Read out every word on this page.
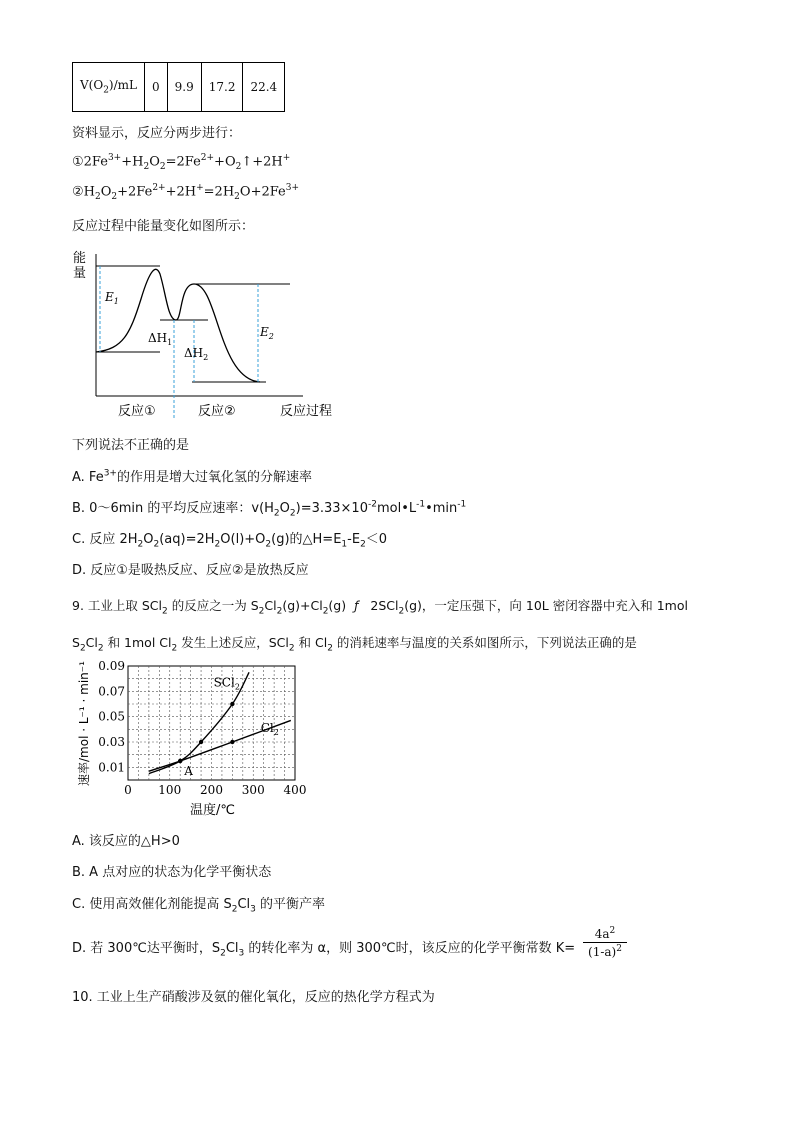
$V(O_2)/mL$	0	9.9	17.2	22.4
资料显示，反应分两步进行：
$①2Fe^{3+}+H_2O_2=2Fe^{2+}+O_2↑+2H^+$
$②H_2O_2+2Fe^{2+}+2H^+=2H_2O+2Fe^{3+}$
反应过程中能量变化如图所示：
能
量
$E_1$
$\Delta H_1$
$\Delta H_2$
$E_2$
反应①	反应②	反应过程
下列说法不正确的是
A. $Fe^{3+}$的作用是增大过氧化氢的分解速率
B. 0～6min 的平均反应速率：$v(H_2O_2)=3.33\times 10^{-2}mol•L^{-1}•\min^{-1}$
C. 反应 $2H_2O_2(aq)=2H_2O(l)+O_2(g)$的$\triangle H=E_1-E_2<0$
D. 反应①是吸热反应、反应②是放热反应
9. 工业上取 SCl$_2$ 的反应之一为 $S_2Cl_2(g)+Cl_2(g)$  ƒ   2SCl$_2$(g)，一定压强下，向 10L 密闭容器中充入和 1mol
$S_2Cl_2$ 和 1mol $Cl_2$ 发生上述反应，SCl$_2$ 和 $Cl_2$ 的消耗速率与温度的关系如图所示，下列说法正确的是
SCl$_2$
$Cl_2$
A
0 100 200 300 400
0.01
0.03
0.05
0.07
0.09
温度/℃
速率/mol · L⁻¹ · min⁻¹
A. 该反应的△H>0
B. A 点对应的状态为化学平衡状态
C. 使用高效催化剂能提高 $S_2Cl_3$ 的平衡产率
D. 若 300℃达平衡时，$S_2Cl_3$ 的转化率为 α，则 300℃时，该反应的化学平衡常数 $K= \frac{4a^2}{(1-a)^2}$
10. 工业上生产硝酸涉及氨的催化氧化，反应的热化学方程式为
